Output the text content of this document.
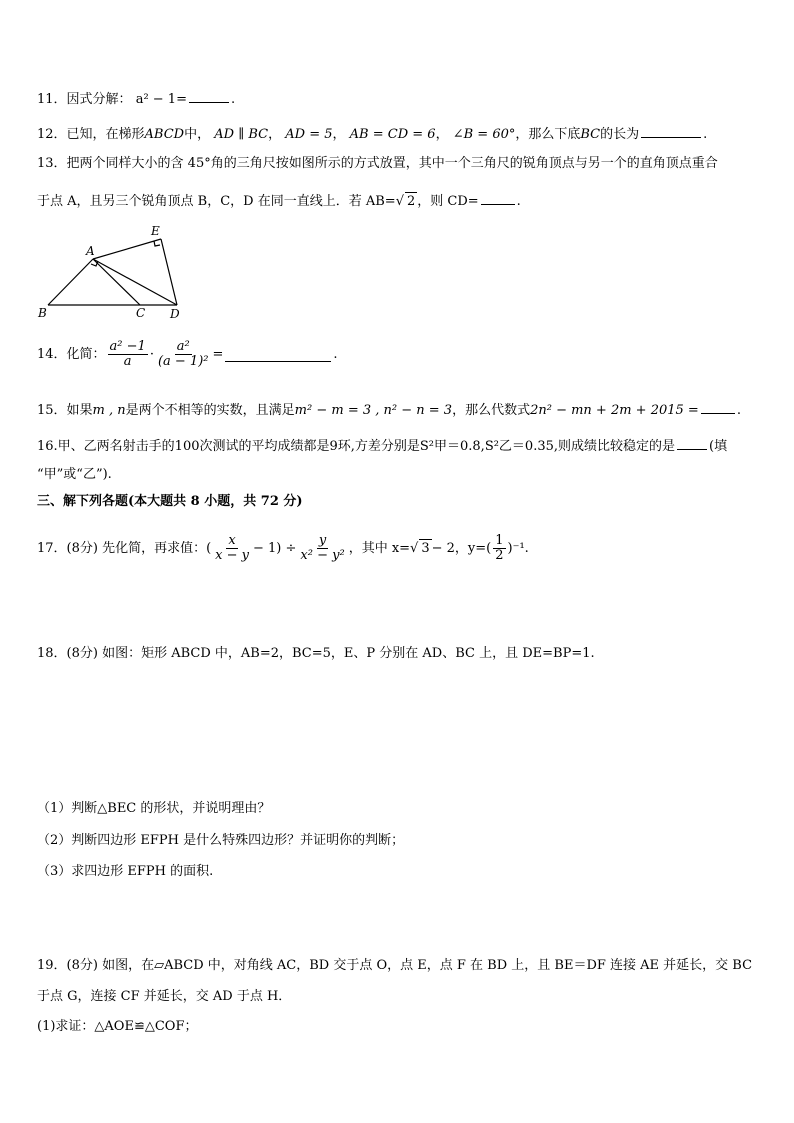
11．因式分解： a² − 1=	.
12．已知，在梯形ABCD中， AD ∥ BC， AD = 5， AB = CD = 6， ∠B = 60°，那么下底BC的长为	.
13．把两个同样大小的含 45°角的三角尺按如图所示的方式放置，其中一个三角尺的锐角顶点与另一个的直角顶点重合
于点 A，且另三个锐角顶点 B，C，D 在同一直线上．若 AB=√ 2 ，则 CD=	.
A
B	C D
E
14．化简： $\frac{\text{a² −1}}{a} \cdot \frac{\text{a²}}{\text{(a − 1)²}}$ =	.
15．如果m , n是两个不相等的实数，且满足m² − m = 3 , n² − n = 3，那么代数式2n² − mn + 2m + 2015 =	.
16.甲、乙两名射击手的100次测试的平均成绩都是9环,方差分别是S²甲＝0.8,S²乙＝0.35,则成绩比较稳定的是	(填
“甲”或“乙”).
三、解下列各题(本大题共 8 小题，共 72 分)
17．(8分) 先化简，再求值：( $\frac{x}{x - y} - 1) \div \frac{y}{\text{x² − y²}}$ ，其中 x= √ 3 − 2，$y=( \frac{1}{2} )^{-1}$.
18．(8分) 如图：矩形 ABCD 中，AB=2，BC=5，E、P 分别在 AD、BC 上，且 DE=BP=1.
（1）判断△BEC 的形状，并说明理由？
（2）判断四边形 EFPH 是什么特殊四边形？并证明你的判断；
（3）求四边形 EFPH 的面积.
19．(8分) 如图，在▱ABCD 中，对角线 AC，BD 交于点 O，点 E，点 F 在 BD 上，且 BE＝DF 连接 AE 并延长，交 BC
于点 G，连接 CF 并延长，交 AD 于点 H．
(1)求证：△AOE≌△COF；
